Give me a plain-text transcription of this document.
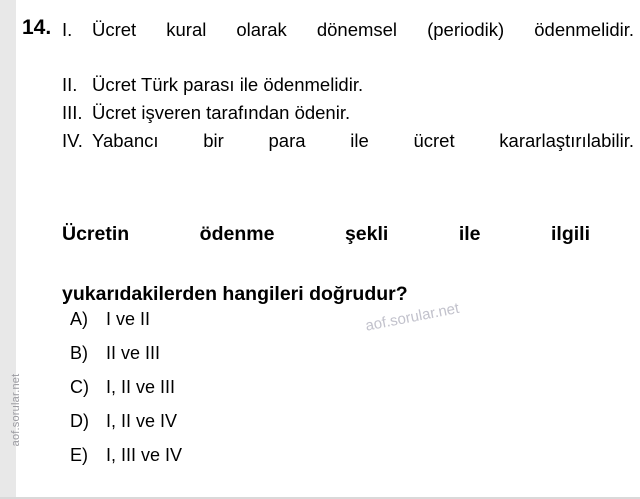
aof.sorular.net
14. I.	Ücret kural olarak dönemsel (periodik) ödenmelidir.
II. Ücret Türk parası ile ödenmelidir.
III. Ücret işveren tarafından ödenir.
IV. Yabancı bir para ile ücret kararlaştırılabilir.
Ücretin ödenme şekli ile ilgili
yukarıdakilerden hangileri doğrudur?
A)	I ve II
B)	II ve III
C) I, II ve III
D) I, II ve IV
E)	I, III ve IV
aof.sorular.net
